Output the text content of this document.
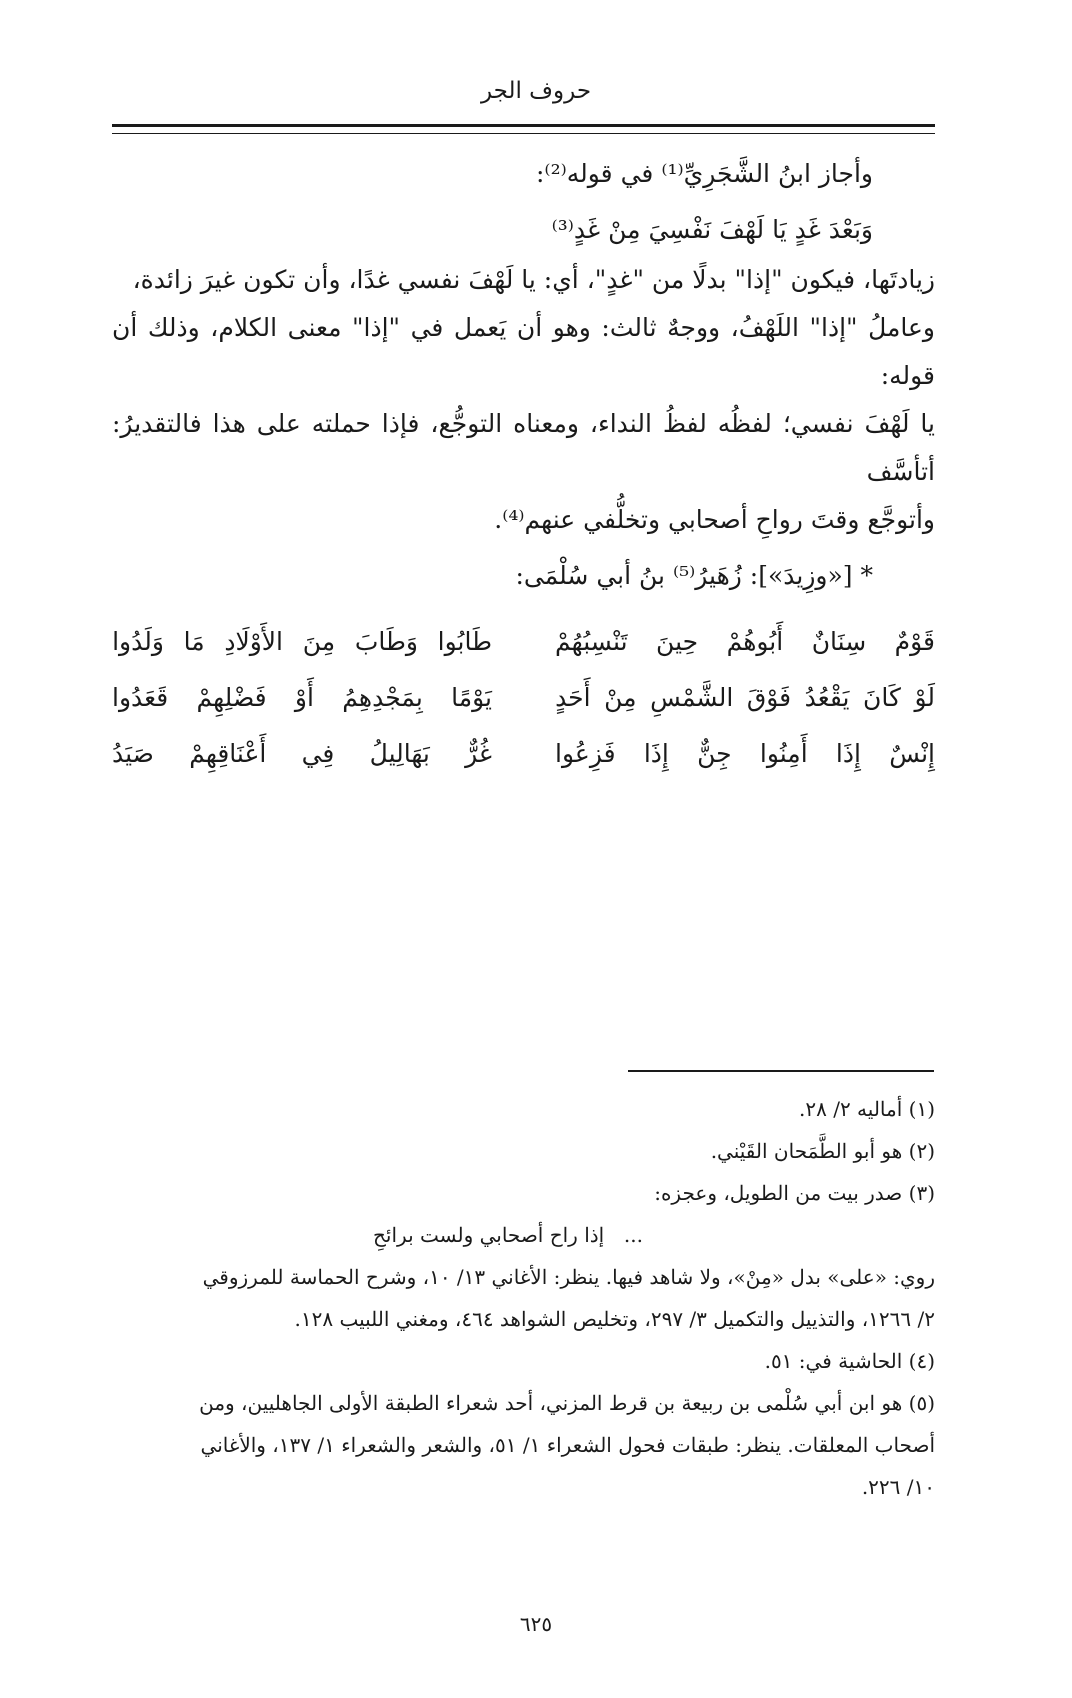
حروف الجر
وأجاز ابنُ الشَّجَرِيِّ⁽¹⁾ في قوله⁽²⁾:
وَبَعْدَ غَدٍ يَا لَهْفَ نَفْسِيَ مِنْ غَدٍ⁽³⁾
زيادتَها، فيكون "إذا" بدلًا من "غدٍ"، أي: يا لَهْفَ نفسي غدًا، وأن تكون غيرَ زائدة،
وعاملُ "إذا" اللَهْفُ، ووجهٌ ثالث: وهو أن يَعمل في "إذا" معنى الكلام، وذلك أن قوله:
يا لَهْفَ نفسي؛ لفظُه لفظُ النداء، ومعناه التوجُّع، فإذا حملته على هذا فالتقديرُ: أتأسَّف
وأتوجَّع وقتَ رواحِ أصحابي وتخلُّفي عنهم⁽⁴⁾.
* [«وزِيدَ»]: زُهَيرُ⁽⁵⁾ بنُ أبي سُلْمَى:
قَوْمٌ
سِنَانٌ
أَبُوهُمْ
حِينَ
تَنْسِبُهُمْ
طَابُوا
وَطَابَ
مِنَ
الأَوْلَادِ
مَا
وَلَدُوا
لَوْ
كَانَ
يَقْعُدُ
فَوْقَ
الشَّمْسِ
مِنْ
أَحَدٍ
يَوْمًا
بِمَجْدِهِمُ
أَوْ
فَضْلِهِمْ
قَعَدُوا
إِنْسٌ
إِذَا
أَمِنُوا
جِنٌّ
إِذَا
فَزِعُوا
غُرٌّ
بَهَالِيلُ
فِي
أَعْنَاقِهِمْ
صَيَدُ
(١) أماليه ٢/ ٢٨.
(٢) هو أبو الطَّمَحان القَيْني.
(٣) صدر بيت من الطويل، وعجزه:
...
إذا راح أصحابي ولست برائحِ
روي: «على» بدل «مِنْ»، ولا شاهد فيها. ينظر: الأغاني ١٣/ ١٠، وشرح الحماسة للمرزوقي
٢/ ١٢٦٦، والتذييل والتكميل ٣/ ٢٩٧، وتخليص الشواهد ٤٦٤، ومغني اللبيب ١٢٨.
(٤) الحاشية في: ٥١.
(٥) هو ابن أبي سُلْمى بن ربيعة بن قرط المزني، أحد شعراء الطبقة الأولى الجاهليين، ومن
أصحاب المعلقات. ينظر: طبقات فحول الشعراء ١/ ٥١، والشعر والشعراء ١/ ١٣٧، والأغاني
١٠/ ٢٢٦.
٦٢٥
